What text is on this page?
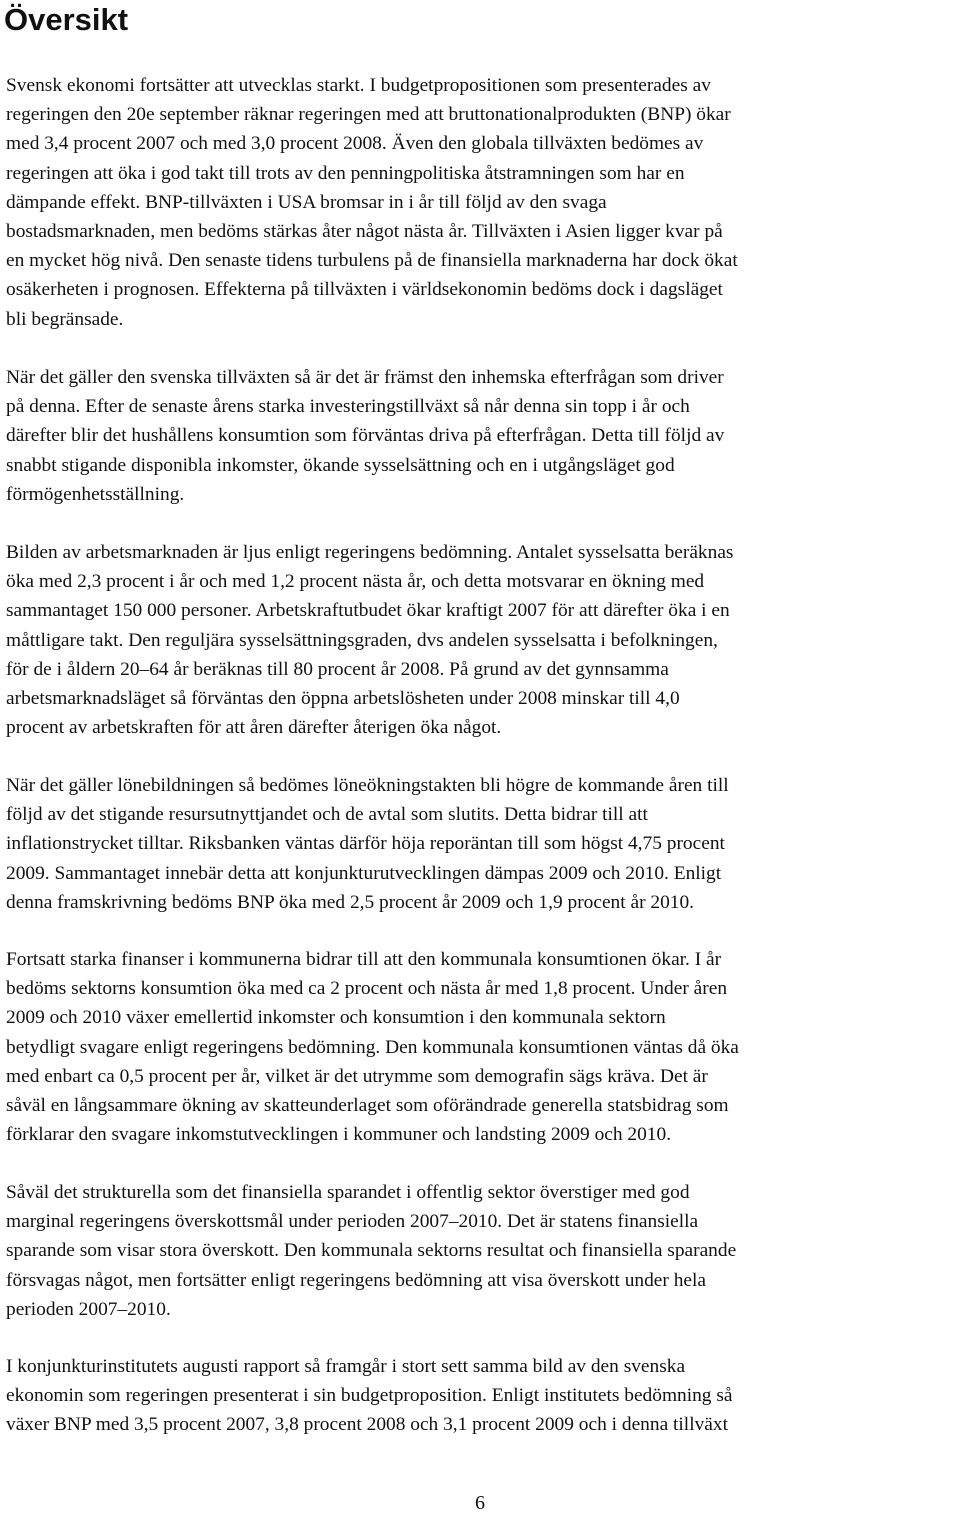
Översikt
Svensk ekonomi fortsätter att utvecklas starkt. I budgetpropositionen som presenterades av
regeringen den 20e september räknar regeringen med att bruttonationalprodukten (BNP) ökar
med 3,4 procent 2007 och med 3,0 procent 2008. Även den globala tillväxten bedömes av
regeringen att öka i god takt till trots av den penningpolitiska åtstramningen som har en
dämpande effekt. BNP-tillväxten i USA bromsar in i år till följd av den svaga
bostadsmarknaden, men bedöms stärkas åter något nästa år. Tillväxten i Asien ligger kvar på
en mycket hög nivå. Den senaste tidens turbulens på de finansiella marknaderna har dock ökat
osäkerheten i prognosen. Effekterna på tillväxten i världsekonomin bedöms dock i dagsläget
bli begränsade.
När det gäller den svenska tillväxten så är det är främst den inhemska efterfrågan som driver
på denna. Efter de senaste årens starka investeringstillväxt så når denna sin topp i år och
därefter blir det hushållens konsumtion som förväntas driva på efterfrågan. Detta till följd av
snabbt stigande disponibla inkomster, ökande sysselsättning och en i utgångsläget god
förmögenhetsställning.
Bilden av arbetsmarknaden är ljus enligt regeringens bedömning. Antalet sysselsatta beräknas
öka med 2,3 procent i år och med 1,2 procent nästa år, och detta motsvarar en ökning med
sammantaget 150 000 personer. Arbetskraftutbudet ökar kraftigt 2007 för att därefter öka i en
måttligare takt. Den reguljära sysselsättningsgraden, dvs andelen sysselsatta i befolkningen,
för de i åldern 20–64 år beräknas till 80 procent år 2008. På grund av det gynnsamma
arbetsmarknadsläget så förväntas den öppna arbetslösheten under 2008 minskar till 4,0
procent av arbetskraften för att åren därefter återigen öka något.
När det gäller lönebildningen så bedömes löneökningstakten bli högre de kommande åren till
följd av det stigande resursutnyttjandet och de avtal som slutits. Detta bidrar till att
inflationstrycket tilltar. Riksbanken väntas därför höja reporäntan till som högst 4,75 procent
2009. Sammantaget innebär detta att konjunkturutvecklingen dämpas 2009 och 2010. Enligt
denna framskrivning bedöms BNP öka med 2,5 procent år 2009 och 1,9 procent år 2010.
Fortsatt starka finanser i kommunerna bidrar till att den kommunala konsumtionen ökar. I år
bedöms sektorns konsumtion öka med ca 2 procent och nästa år med 1,8 procent. Under åren
2009 och 2010 växer emellertid inkomster och konsumtion i den kommunala sektorn
betydligt svagare enligt regeringens bedömning. Den kommunala konsumtionen väntas då öka
med enbart ca 0,5 procent per år, vilket är det utrymme som demografin sägs kräva. Det är
såväl en långsammare ökning av skatteunderlaget som oförändrade generella statsbidrag som
förklarar den svagare inkomstutvecklingen i kommuner och landsting 2009 och 2010.
Såväl det strukturella som det finansiella sparandet i offentlig sektor överstiger med god
marginal regeringens överskottsmål under perioden 2007–2010. Det är statens finansiella
sparande som visar stora överskott. Den kommunala sektorns resultat och finansiella sparande
försvagas något, men fortsätter enligt regeringens bedömning att visa överskott under hela
perioden 2007–2010.
I konjunkturinstitutets augusti rapport så framgår i stort sett samma bild av den svenska
ekonomin som regeringen presenterat i sin budgetproposition. Enligt institutets bedömning så
växer BNP med 3,5 procent 2007, 3,8 procent 2008 och 3,1 procent 2009 och i denna tillväxt
6
